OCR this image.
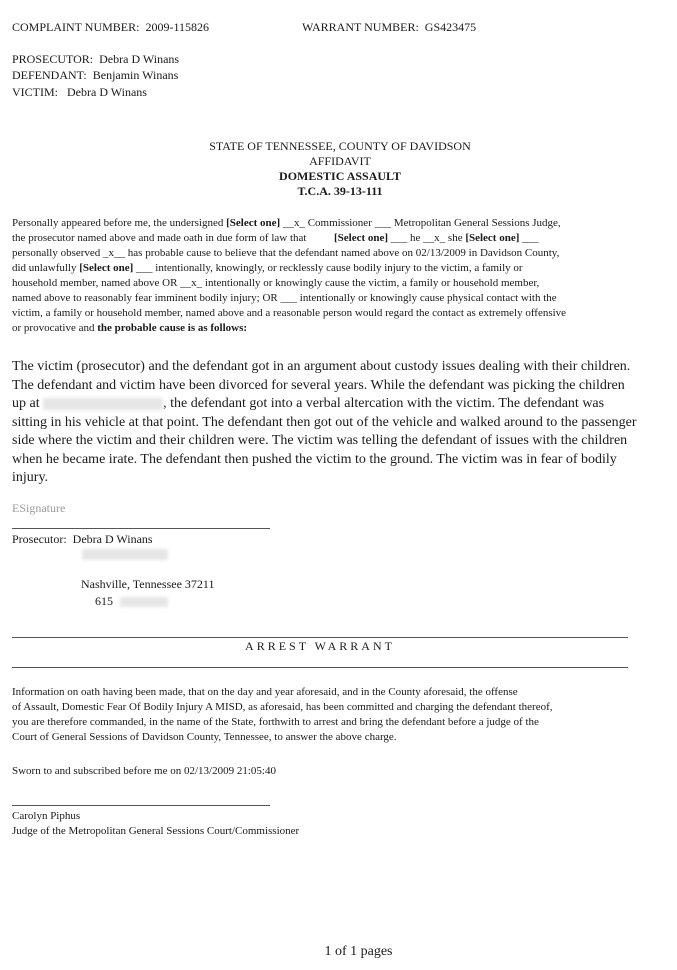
COMPLAINT NUMBER: 2009-115826	WARRANT NUMBER: GS423475
PROSECUTOR: Debra D Winans
DEFENDANT: Benjamin Winans
VICTIM: Debra D Winans
STATE OF TENNESSEE, COUNTY OF DAVIDSON
AFFIDAVIT
DOMESTIC ASSAULT
T.C.A. 39-13-111
Personally appeared before me, the undersigned [Select one] __x_ Commissioner ___ Metropolitan General Sessions Judge,
the prosecutor named above and made oath in due form of law that          [Select one] ___ he __x_ she [Select one] ___
personally observed _x__ has probable cause to believe that the defendant named above on 02/13/2009 in Davidson County,
did unlawfully [Select one] ___ intentionally, knowingly, or recklessly cause bodily injury to the victim, a family or
household member, named above OR __x_ intentionally or knowingly cause the victim, a family or household member,
named above to reasonably fear imminent bodily injury; OR ___ intentionally or knowingly cause physical contact with the
victim, a family or household member, named above and a reasonable person would regard the contact as extremely offensive
or provocative and the probable cause is as follows:
The victim (prosecutor) and the defendant got in an argument about custody issues dealing with their children. The defendant and victim have been divorced for several years. While the defendant was picking the children up at	, the defendant got into a verbal altercation with the victim. The defendant was sitting in his vehicle at that point. The defendant then got out of the vehicle and walked around to the passenger side where the victim and their children were. The victim was telling the defendant of issues with the children when he became irate. The defendant then pushed the victim to the ground. The victim was in fear of bodily injury.
ESignature
Prosecutor: Debra D Winans
Nashville, Tennessee 37211
615
ARREST WARRANT
Information on oath having been made, that on the day and year aforesaid, and in the County aforesaid, the offense
of Assault, Domestic Fear Of Bodily Injury A MISD, as aforesaid, has been committed and charging the defendant thereof,
you are therefore commanded, in the name of the State, forthwith to arrest and bring the defendant before a judge of the
Court of General Sessions of Davidson County, Tennessee, to answer the above charge.
Sworn to and subscribed before me on 02/13/2009 21:05:40
Carolyn Piphus
Judge of the Metropolitan General Sessions Court/Commissioner
1 of 1 pages
